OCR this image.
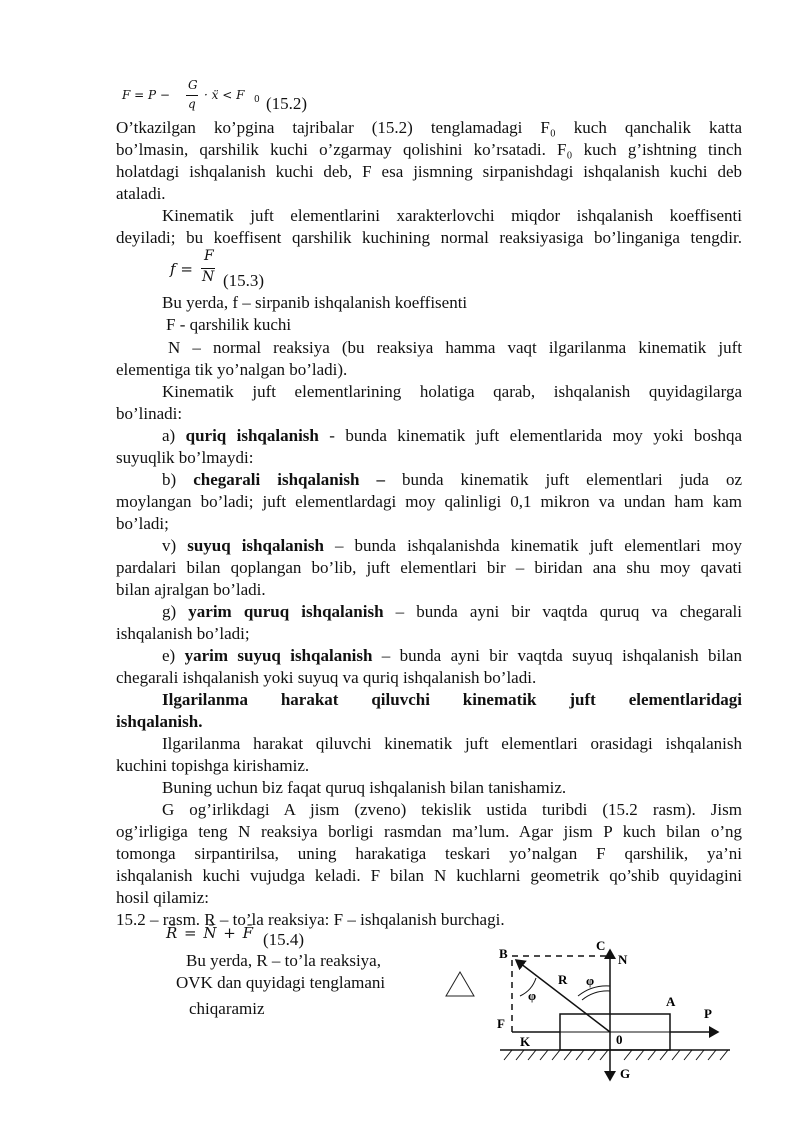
F = P −
G
q
· ẍ < F 0 (15.2)
O’tkazilgan ko’pgina tajribalar (15.2) tenglamadagi F₀ kuch qanchalik katta
bo’lmasin, qarshilik kuchi o’zgarmay qolishini ko’rsatadi. F₀ kuch g’ishtning tinch
holatdagi ishqalanish kuchi deb, F esa jismning sirpanishdagi ishqalanish kuchi deb
ataladi.
Kinematik juft elementlarini xarakterlovchi miqdor ishqalanish koeffisenti
deyiladi; bu koeffisent qarshilik kuchining normal reaksiyasiga bo’linganiga tengdir.
f =
F
N (15.3)
Bu yerda, f – sirpanib ishqalanish koeffisenti
F - qarshilik kuchi
N – normal reaksiya (bu reaksiya hamma vaqt ilgarilanma kinematik juft
elementiga tik yo’nalgan bo’ladi).
Kinematik juft elementlarining holatiga qarab, ishqalanish quyidagilarga
bo’linadi:
a) quriq ishqalanish - bunda kinematik juft elementlarida moy yoki boshqa
suyuqlik bo’lmaydi:
b) chegarali ishqalanish – bunda kinematik juft elementlari juda oz
moylangan bo’ladi; juft elementlardagi moy qalinligi 0,1 mikron va undan ham kam
bo’ladi;
v) suyuq ishqalanish – bunda ishqalanishda kinematik juft elementlari moy
pardalari bilan qoplangan bo’lib, juft elementlari bir – biridan ana shu moy qavati
bilan ajralgan bo’ladi.
g) yarim quruq ishqalanish – bunda ayni bir vaqtda quruq va chegarali
ishqalanish bo’ladi;
e) yarim suyuq ishqalanish – bunda ayni bir vaqtda suyuq ishqalanish bilan
chegarali ishqalanish yoki suyuq va quriq ishqalanish bo’ladi.
Ilgarilanma harakat qiluvchi kinematik juft elementlaridagi
ishqalanish.
Ilgarilanma harakat qiluvchi kinematik juft elementlari orasidagi ishqalanish
kuchini topishga kirishamiz.
Buning uchun biz faqat quruq ishqalanish bilan tanishamiz.
G og’irlikdagi A jism (zveno) tekislik ustida turibdi (15.2 rasm). Jism
og’irligiga teng N reaksiya borligi rasmdan ma’lum. Agar jism P kuch bilan o’ng
tomonga sirpantirilsa, uning harakatiga teskari yo’nalgan F qarshilik, ya’ni
ishqalanish kuchi vujudga keladi. F bilan N kuchlarni geometrik qo’shib quyidagini
hosil qilamiz:
15.2 – rasm. R – to’la reaksiya: F – ishqalanish burchagi.
R̄ = N̄ + F̄ (15.4)
Bu yerda, R – to’la reaksiya,
OVK dan quyidagi tenglamani
chiqaramiz
B
C
N
R φ
φ	A
P
F
K	0
G
